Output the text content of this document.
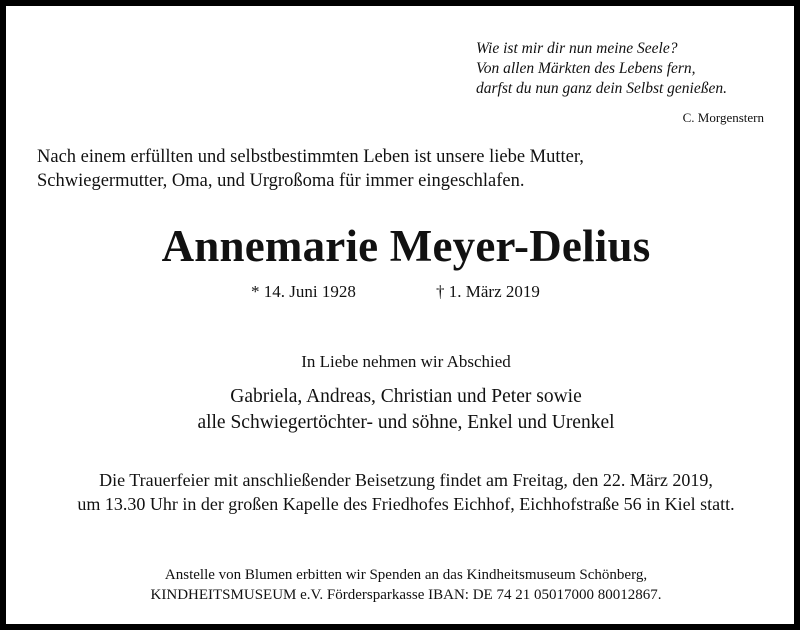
Wie ist mir dir nun meine Seele?
Von allen Märkten des Lebens fern,
darfst du nun ganz dein Selbst genießen.
C. Morgenstern
Nach einem erfüllten und selbstbestimmten Leben ist unsere liebe Mutter,
Schwiegermutter, Oma, und Urgroßoma für immer eingeschlafen.
Annemarie Meyer-Delius
* 14. Juni 1928	† 1. März 2019
In Liebe nehmen wir Abschied
Gabriela, Andreas, Christian und Peter sowie
alle Schwiegertöchter- und söhne, Enkel und Urenkel
Die Trauerfeier mit anschließender Beisetzung findet am Freitag, den 22. März 2019,
um 13.30 Uhr in der großen Kapelle des Friedhofes Eichhof, Eichhofstraße 56 in Kiel statt.
Anstelle von Blumen erbitten wir Spenden an das Kindheitsmuseum Schönberg,
KINDHEITSMUSEUM e.V. Fördersparkasse IBAN: DE 74 21 05017000 80012867.
